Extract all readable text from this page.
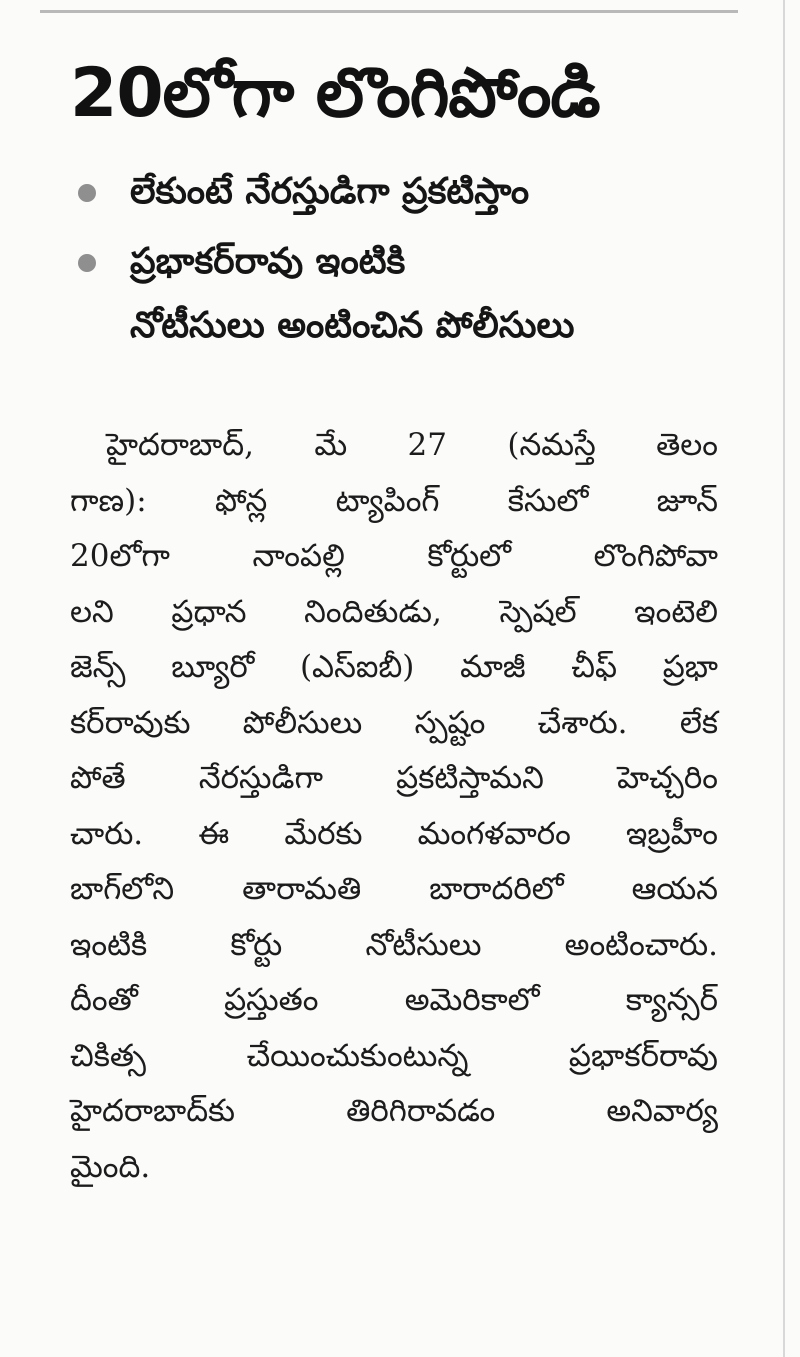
20లోగా లొంగిపోండి
లేకుంటే నేరస్తుడిగా ప్రకటిస్తాం
ప్రభాకర్‌రావు ఇంటికి
నోటీసులు అంటించిన పోలీసులు
హైదరాబాద్‌, మే 27 (నమస్తే తెలం
గాణ): ఫోన్ల ట్యాపింగ్‌ కేసులో జూన్‌
20లోగా నాంపల్లి కోర్టులో లొంగిపోవా
లని ప్రధాన నిందితుడు, స్పెషల్‌ ఇంటెలి
జెన్స్‌ బ్యూరో (ఎస్‌ఐబీ) మాజీ చీఫ్‌ ప్రభా
కర్‌రావుకు పోలీసులు స్పష్టం చేశారు. లేక
పోతే నేరస్తుడిగా ప్రకటిస్తామని హెచ్చరిం
చారు. ఈ మేరకు మంగళవారం ఇబ్రహీం
బాగ్‌లోని తారామతి బారాదరిలో ఆయన
ఇంటికి కోర్టు నోటీసులు అంటించారు.
దీంతో ప్రస్తుతం అమెరికాలో క్యాన్సర్‌
చికిత్స చేయించుకుంటున్న ప్రభాకర్‌రావు
హైదరాబాద్‌కు తిరిగిరావడం అనివార్య
మైంది.
